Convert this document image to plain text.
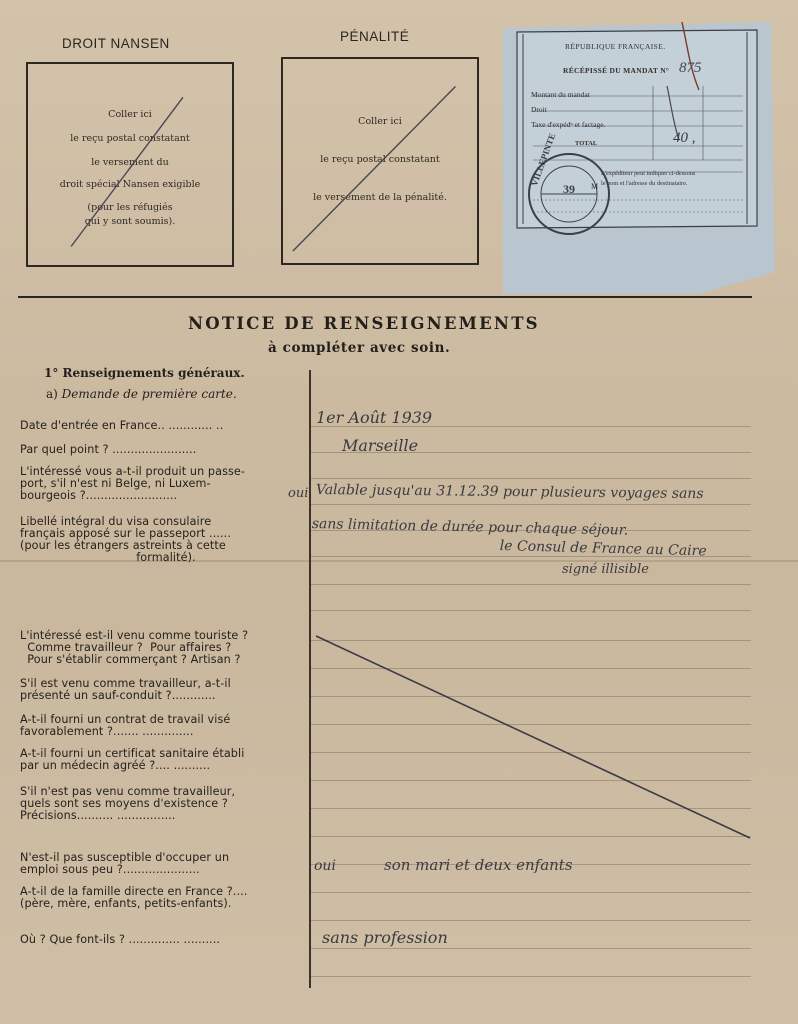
DROIT NANSEN
Coller ici
le reçu postal constatant
le versement du
droit spécial Nansen exigible
(pour les réfugiés
qui y sont soumis).
PÉNALITÉ
Coller ici
le reçu postal constatant
le versement de la pénalité.
RÉPUBLIQUE FRANÇAISE.
RÉCÉPISSÉ DU MANDAT N° 875
Montant du mandat
Droit
Taxe d'expédⁿ et factage.
TOTAL	40 ,
L'expéditeur peut indiquer ci-dessous
le nom et l'adresse du destinataire.
M
VILLEPINTE
39
NOTICE DE RENSEIGNEMENTS
à compléter avec soin.
1° Renseignements généraux.
a) Demande de première carte.
Date d'entrée en France.. ............ ..
Par quel point ? .......................
L'intéressé vous a-t-il produit un passe-
port, s'il n'est ni Belge, ni Luxem-
bourgeois ?.........................
Libellé intégral du visa consulaire
français apposé sur le passeport ......
(pour les étrangers astreints à cette
formalité).
L'intéressé est-il venu comme touriste ?
Comme travailleur ?  Pour affaires ?
Pour s'établir commerçant ? Artisan ?
S'il est venu comme travailleur, a-t-il
présenté un sauf-conduit ?............
A-t-il fourni un contrat de travail visé
favorablement ?....... ..............
A-t-il fourni un certificat sanitaire établi
par un médecin agréé ?.... ..........
S'il n'est pas venu comme travailleur,
quels sont ses moyens d'existence ?
Précisions.......... ................
N'est-il pas susceptible d'occuper un
emploi sous peu ?.....................
A-t-il de la famille directe en France ?....
(père, mère, enfants, petits-enfants).
Où ? Que font-ils ? .............. ..........
1er Août 1939
Marseille
oui Valable jusqu'au 31.12.39 pour plusieurs voyages sans
sans limitation de durée pour chaque séjour.
le Consul de France au Caire
signé illisible
oui	son mari et deux enfants
sans profession
